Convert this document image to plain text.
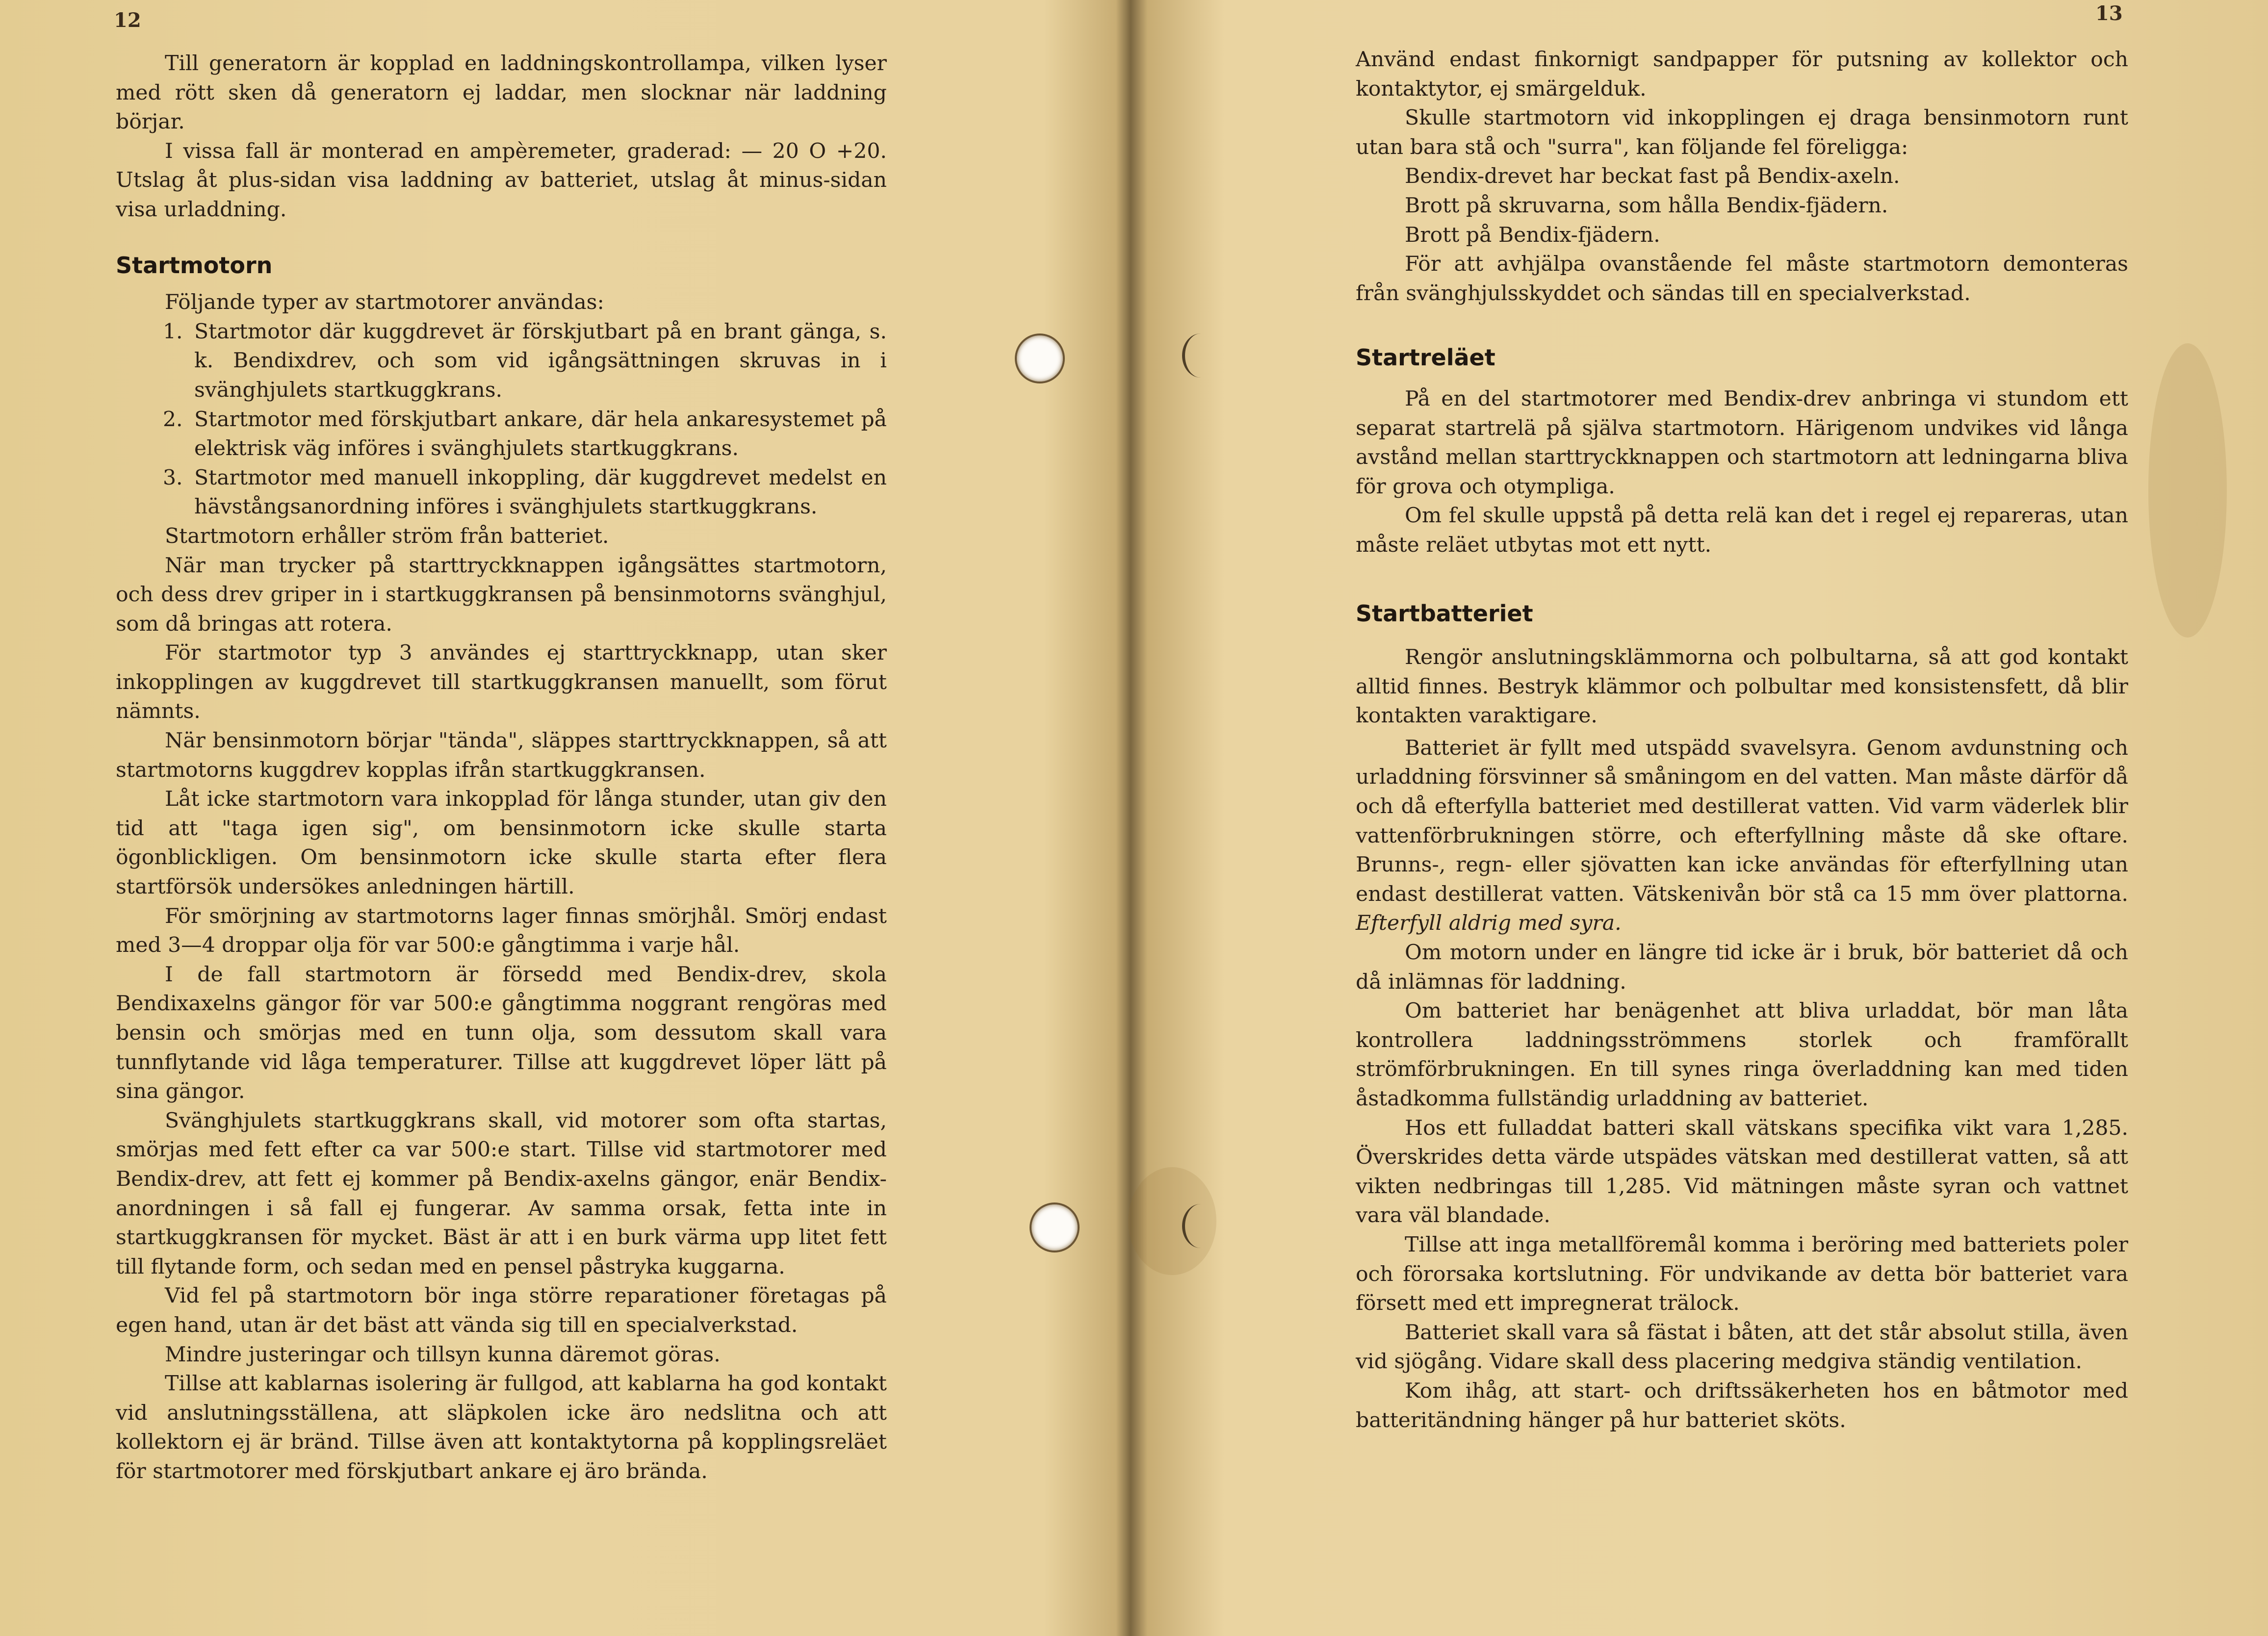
12

Till generatorn är kopplad en laddningskontrollampa, vilken lyser med rött sken då generatorn ej laddar, men slocknar när laddning börjar.

I vissa fall är monterad en ampèremeter, graderad: — 20 O +20. Utslag åt plus-sidan visa laddning av batteriet, utslag åt minus-sidan visa urladdning.

Startmotorn

Följande typer av startmotorer användas:

1. Startmotor där kuggdrevet är förskjutbart på en brant gänga, s. k. Bendixdrev, och som vid igångsättningen skruvas in i svänghjulets startkuggkrans.

2. Startmotor med förskjutbart ankare, där hela ankaresystemet på elektrisk väg införes i svänghjulets startkuggkrans.

3. Startmotor med manuell inkoppling, där kuggdrevet medelst en hävstångsanordning införes i svänghjulets startkuggkrans.

Startmotorn erhåller ström från batteriet.

När man trycker på starttryckknappen igångsättes startmotorn, och dess drev griper in i startkuggkransen på bensinmotorns svänghjul, som då bringas att rotera.

För startmotor typ 3 användes ej starttryckknapp, utan sker inkopplingen av kuggdrevet till startkuggkransen manuellt, som förut nämnts.

När bensinmotorn börjar "tända", släppes starttryckknappen, så att startmotorns kuggdrev kopplas ifrån startkuggkransen.

Låt icke startmotorn vara inkopplad för långa stunder, utan giv den tid att "taga igen sig", om bensinmotorn icke skulle starta ögonblickligen. Om bensinmotorn icke skulle starta efter flera startförsök undersökes anledningen härtill.

För smörjning av startmotorns lager finnas smörjhål. Smörj endast med 3—4 droppar olja för var 500:e gångtimma i varje hål.

I de fall startmotorn är försedd med Bendix-drev, skola Bendixaxelns gängor för var 500:e gångtimma noggrant rengöras med bensin och smörjas med en tunn olja, som dessutom skall vara tunnflytande vid låga temperaturer. Tillse att kuggdrevet löper lätt på sina gängor.

Svänghjulets startkuggkrans skall, vid motorer som ofta startas, smörjas med fett efter ca var 500:e start. Tillse vid startmotorer med Bendix-drev, att fett ej kommer på Bendix-axelns gängor, enär Bendix-anordningen i så fall ej fungerar. Av samma orsak, fetta inte in startkuggkransen för mycket. Bäst är att i en burk värma upp litet fett till flytande form, och sedan med en pensel påstryka kuggarna.

Vid fel på startmotorn bör inga större reparationer företagas på egen hand, utan är det bäst att vända sig till en specialverkstad.

Mindre justeringar och tillsyn kunna däremot göras.

Tillse att kablarnas isolering är fullgod, att kablarna ha god kontakt vid anslutningsställena, att släpkolen icke äro nedslitna och att kollektorn ej är bränd. Tillse även att kontaktytorna på kopplingsreläet för startmotorer med förskjutbart ankare ej äro brända.

13

Använd endast finkornigt sandpapper för putsning av kollektor och kontaktytor, ej smärgelduk.

Skulle startmotorn vid inkopplingen ej draga bensinmotorn runt utan bara stå och "surra", kan följande fel föreligga:

Bendix-drevet har beckat fast på Bendix-axeln.

Brott på skruvarna, som hålla Bendix-fjädern.

Brott på Bendix-fjädern.

För att avhjälpa ovanstående fel måste startmotorn demonteras från svänghjulsskyddet och sändas till en specialverkstad.

Startreläet

På en del startmotorer med Bendix-drev anbringa vi stundom ett separat startrelä på själva startmotorn. Härigenom undvikes vid långa avstånd mellan starttryckknappen och startmotorn att ledningarna bliva för grova och otympliga.

Om fel skulle uppstå på detta relä kan det i regel ej repareras, utan måste reläet utbytas mot ett nytt.

Startbatteriet

Rengör anslutningsklämmorna och polbultarna, så att god kontakt alltid finnes. Bestryk klämmor och polbultar med konsistensfett, då blir kontakten varaktigare.

Batteriet är fyllt med utspädd svavelsyra. Genom avdunstning och urladdning försvinner så småningom en del vatten. Man måste därför då och då efterfylla batteriet med destillerat vatten. Vid varm väderlek blir vattenförbrukningen större, och efterfyllning måste då ske oftare. Brunns-, regn- eller sjövatten kan icke användas för efterfyllning utan endast destillerat vatten. Vätskenivån bör stå ca 15 mm över plattorna. Efterfyll aldrig med syra.

Om motorn under en längre tid icke är i bruk, bör batteriet då och då inlämnas för laddning.

Om batteriet har benägenhet att bliva urladdat, bör man låta kontrollera laddningsströmmens storlek och framförallt strömförbrukningen. En till synes ringa överladdning kan med tiden åstadkomma fullständig urladdning av batteriet.

Hos ett fulladdat batteri skall vätskans specifika vikt vara 1,285. Överskrides detta värde utspädes vätskan med destillerat vatten, så att vikten nedbringas till 1,285. Vid mätningen måste syran och vattnet vara väl blandade.

Tillse att inga metallföremål komma i beröring med batteriets poler och förorsaka kortslutning. För undvikande av detta bör batteriet vara försett med ett impregnerat trälock.

Batteriet skall vara så fästat i båten, att det står absolut stilla, även vid sjögång. Vidare skall dess placering medgiva ständig ventilation.

Kom ihåg, att start- och driftssäkerheten hos en båtmotor med batteritändning hänger på hur batteriet sköts.
